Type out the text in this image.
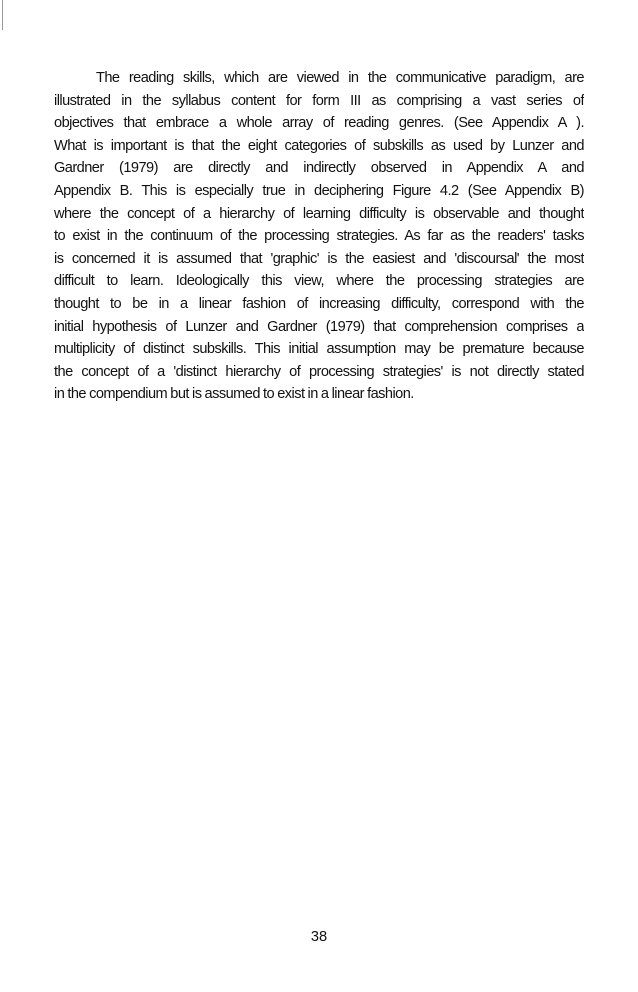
The reading skills, which are viewed in the communicative paradigm, are
illustrated in the syllabus content for form III as comprising a vast series of
objectives that embrace a whole array of reading genres. (See Appendix A ).
What is important is that the eight categories of subskills as used by Lunzer and
Gardner (1979) are directly and indirectly observed in Appendix A and
Appendix B. This is especially true in deciphering Figure 4.2 (See Appendix B)
where the concept of a hierarchy of learning difficulty is observable and thought
to exist in the continuum of the processing strategies. As far as the readers' tasks
is concerned it is assumed that 'graphic' is the easiest and 'discoursal' the most
difficult to learn. Ideologically this view, where the processing strategies are
thought to be in a linear fashion of increasing difficulty, correspond with the
initial hypothesis of Lunzer and Gardner (1979) that comprehension comprises a
multiplicity of distinct subskills. This initial assumption may be premature because
the concept of a 'distinct hierarchy of processing strategies' is not directly stated
in the compendium but is assumed to exist in a linear fashion.
38
